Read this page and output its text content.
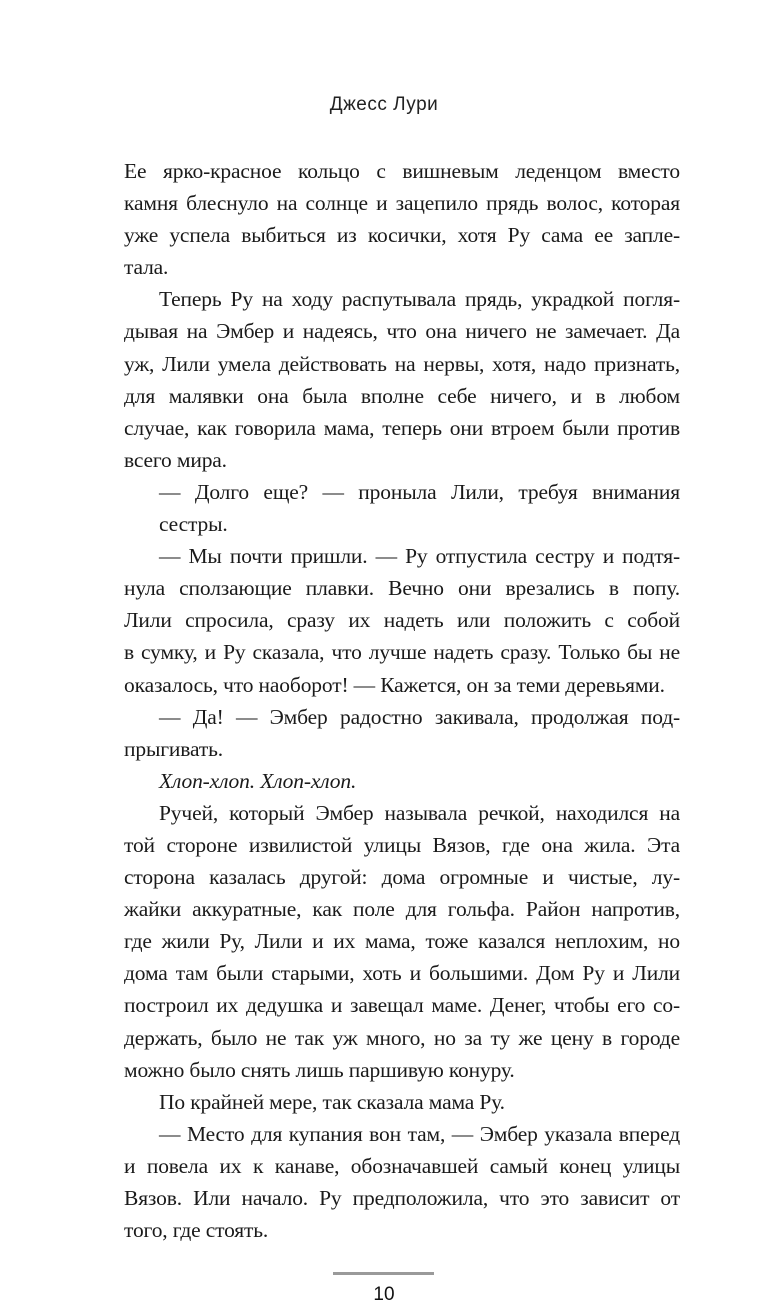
Джесс Лури
Ее ярко-красное кольцо с вишневым леденцом вместо
камня блеснуло на солнце и зацепило прядь волос, которая
уже успела выбиться из косички, хотя Ру сама ее запле-
тала.
Теперь Ру на ходу распутывала прядь, украдкой погля-
дывая на Эмбер и надеясь, что она ничего не замечает. Да
уж, Лили умела действовать на нервы, хотя, надо признать,
для малявки она была вполне себе ничего, и в любом
случае, как говорила мама, теперь они втроем были против
всего мира.
— Долго еще? — проныла Лили, требуя внимания сестры.
— Мы почти пришли. — Ру отпустила сестру и подтя-
нула сползающие плавки. Вечно они врезались в попу.
Лили спросила, сразу их надеть или положить с собой
в сумку, и Ру сказала, что лучше надеть сразу. Только бы не
оказалось, что наоборот! — Кажется, он за теми деревьями.
— Да! — Эмбер радостно закивала, продолжая под-
прыгивать.
Хлоп-хлоп. Хлоп-хлоп.
Ручей, который Эмбер называла речкой, находился на
той стороне извилистой улицы Вязов, где она жила. Эта
сторона казалась другой: дома огромные и чистые, лу-
жайки аккуратные, как поле для гольфа. Район напротив,
где жили Ру, Лили и их мама, тоже казался неплохим, но
дома там были старыми, хоть и большими. Дом Ру и Лили
построил их дедушка и завещал маме. Денег, чтобы его со-
держать, было не так уж много, но за ту же цену в городе
можно было снять лишь паршивую конуру.
По крайней мере, так сказала мама Ру.
— Место для купания вон там, — Эмбер указала вперед
и повела их к канаве, обозначавшей самый конец улицы
Вязов. Или начало. Ру предположила, что это зависит от
того, где стоять.
10
